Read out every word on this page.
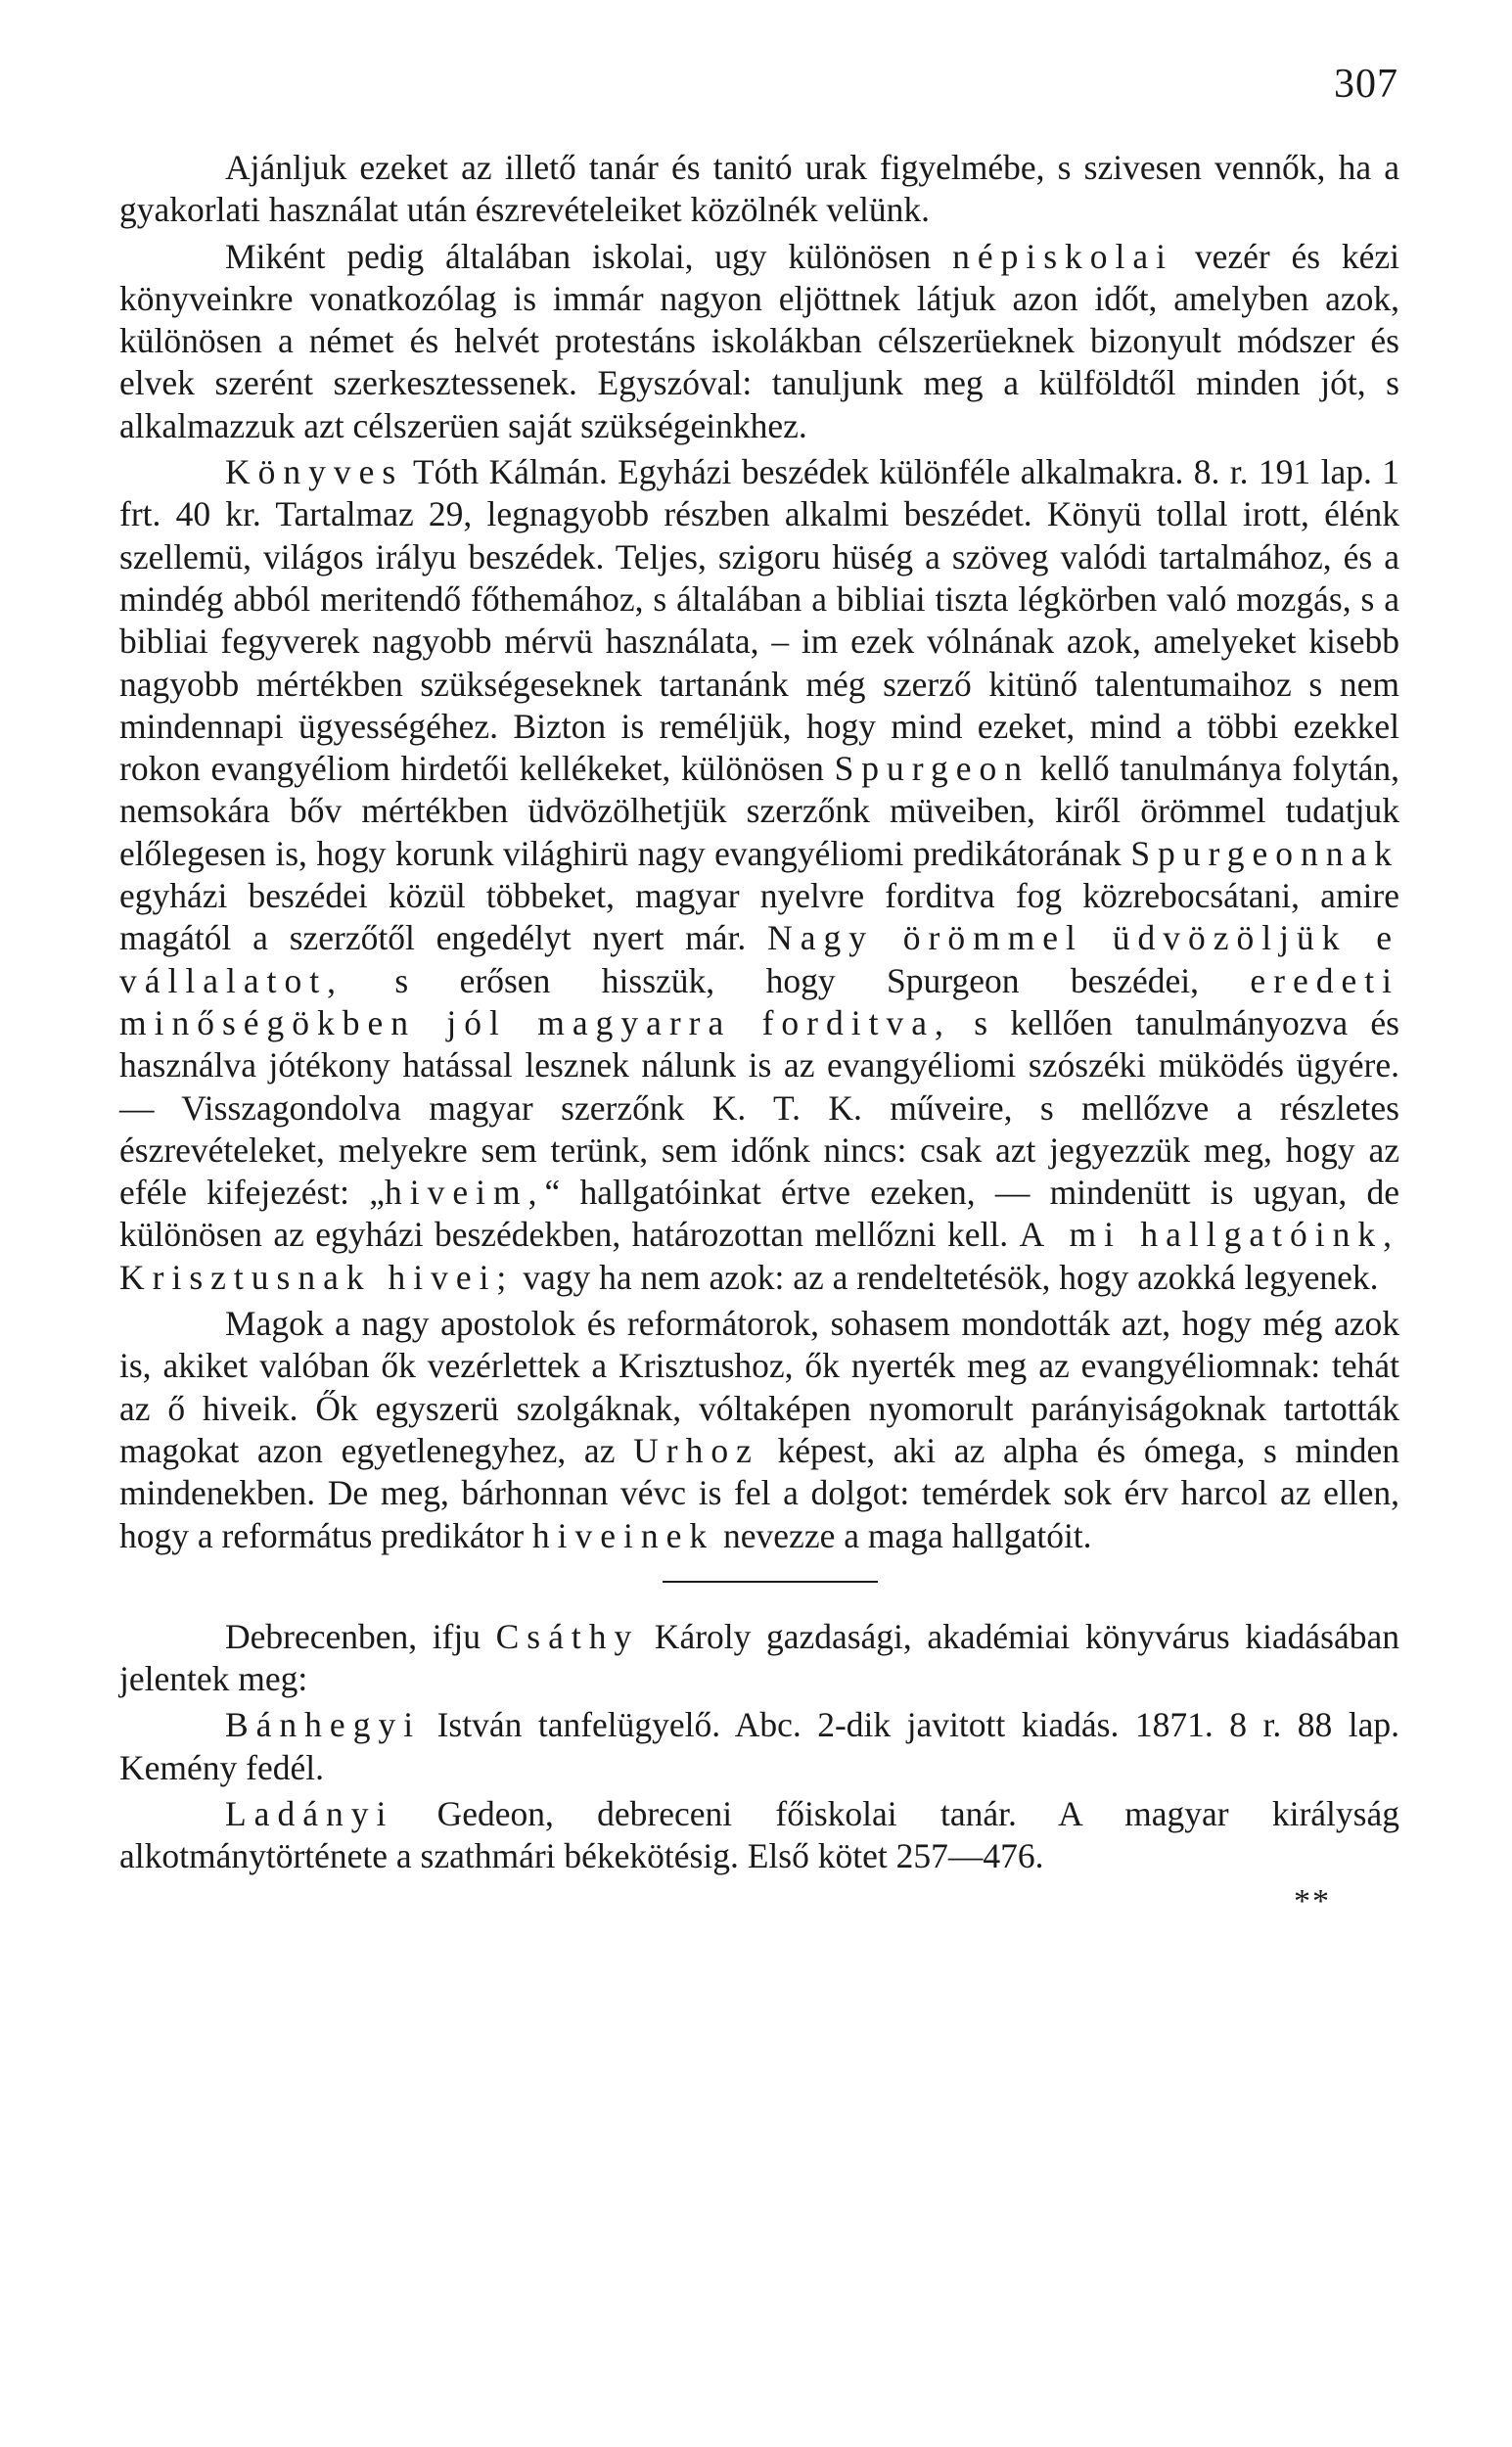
307

Ajánljuk ezeket az illető tanár és tanitó urak figyelmébe, s szivesen vennők, ha a gyakorlati használat után észrevételeiket közölnék velünk.

Miként pedig általában iskolai, ugy különösen népiskolai vezér és kézi könyveinkre vonatkozólag is immár nagyon eljöttnek látjuk azon időt, amelyben azok, különösen a német és helvét protestáns iskolákban célszerüeknek bizonyult módszer és elvek szerént szerkesztessenek. Egyszóval: tanuljunk meg a külföldtől minden jót, s alkalmazzuk azt célszerüen saját szükségeinkhez.

Könyves Tóth Kálmán. Egyházi beszédek különféle alkalmakra. 8. r. 191 lap. 1 frt. 40 kr. Tartalmaz 29, legnagyobb részben alkalmi beszédet. Könyü tollal irott, élénk szellemü, világos irályu beszédek. Teljes, szigoru hüség a szöveg valódi tartalmához, és a mindég abból meritendő főthemához, s általában a bibliai tiszta légkörben való mozgás, s a bibliai fegyverek nagyobb mérvü használata, – im ezek vólnának azok, amelyeket kisebb nagyobb mértékben szükségeseknek tartanánk még szerző kitünő talentumaihoz s nem mindennapi ügyességéhez. Bizton is reméljük, hogy mind ezeket, mind a többi ezekkel rokon evangyéliom hirdetői kellékeket, különösen Spurgeon kellő tanulmánya folytán, nemsokára bőv mértékben üdvözölhetjük szerzőnk müveiben, kiről örömmel tudatjuk előlegesen is, hogy korunk világhirü nagy evangyéliomi predikátorának Spurgeonnak egyházi beszédei közül többeket, magyar nyelvre forditva fog közrebocsátani, amire magától a szerzőtől engedélyt nyert már. Nagy örömmel üdvözöljük e vállalatot, s erősen hisszük, hogy Spurgeon beszédei, eredeti minőségökben jól magyarra forditva, s kellően tanulmányozva és használva jótékony hatással lesznek nálunk is az evangyéliomi szószéki müködés ügyére. — Visszagondolva magyar szerzőnk K. T. K. műveire, s mellőzve a részletes észrevételeket, melyekre sem terünk, sem időnk nincs: csak azt jegyezzük meg, hogy az eféle kifejezést: „hiveim,“ hallgatóinkat értve ezeken, — mindenütt is ugyan, de különösen az egyházi beszédekben, határozottan mellőzni kell. A mi hallgatóink, Krisztusnak hivei; vagy ha nem azok: az a rendeltetésök, hogy azokká legyenek.

Magok a nagy apostolok és reformátorok, sohasem mondották azt, hogy még azok is, akiket valóban ők vezérlettek a Krisztushoz, ők nyerték meg az evangyéliomnak: tehát az ő hiveik. Ők egyszerü szolgáknak, vóltaképen nyomorult parányiságoknak tartották magokat azon egyetlenegyhez, az Urhoz képest, aki az alpha és ómega, s minden mindenekben. De meg, bárhonnan vévc is fel a dolgot: temérdek sok érv harcol az ellen, hogy a református predikátor hiveinek nevezze a maga hallgatóit.

Debrecenben, ifju Csáthy Károly gazdasági, akadémiai könyvárus kiadásában jelentek meg:

Bánhegyi István tanfelügyelő. Abc. 2-dik javitott kiadás. 1871. 8 r. 88 lap. Kemény fedél.

Ladányi Gedeon, debreceni főiskolai tanár. A magyar királyság alkotmánytörténete a szathmári békekötésig. Első kötet 257—476.

**
